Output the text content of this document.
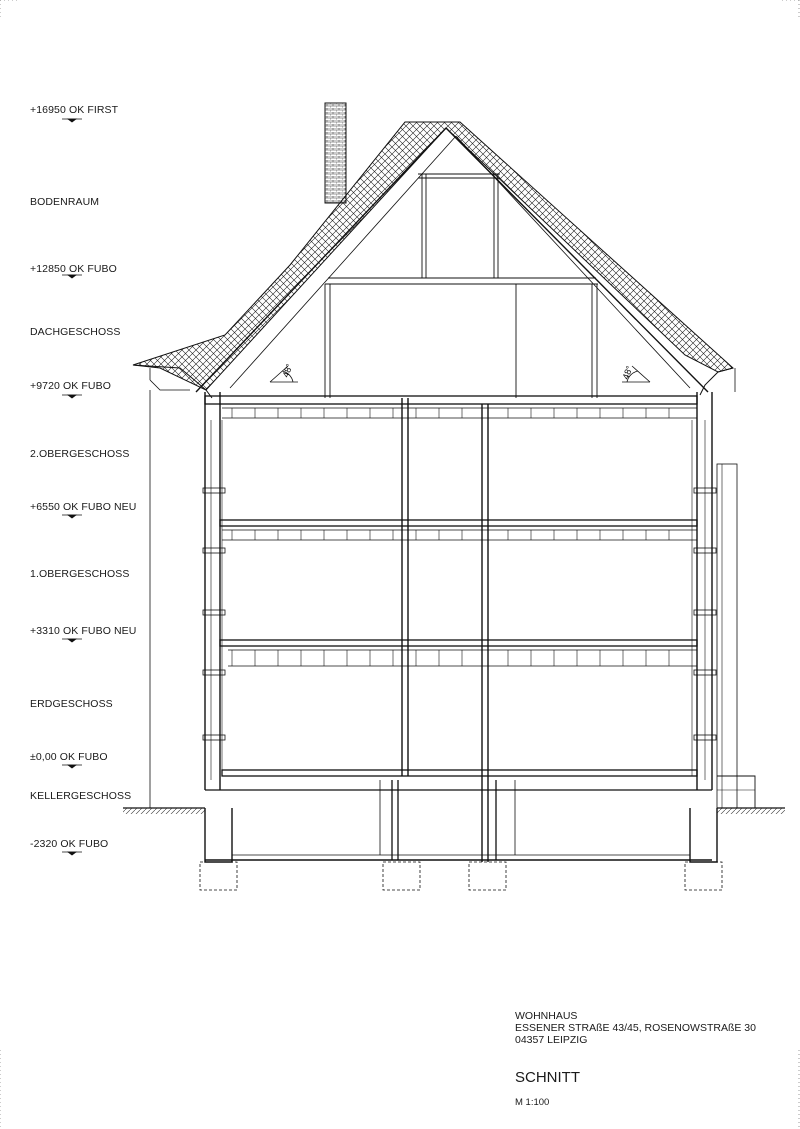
48°	48°
+16950 OK FIRST
BODENRAUM
+12850 OK FUBO
DACHGESCHOSS
+9720 OK FUBO
2.OBERGESCHOSS
+6550 OK FUBO NEU
1.OBERGESCHOSS
+3310 OK FUBO NEU
ERDGESCHOSS
±0,00 OK FUBO
KELLERGESCHOSS
-2320 OK FUBO
WOHNHAUS
ESSENER STRAßE 43/45, ROSENOWSTRAßE 30
04357 LEIPZIG
SCHNITT
M 1:100
